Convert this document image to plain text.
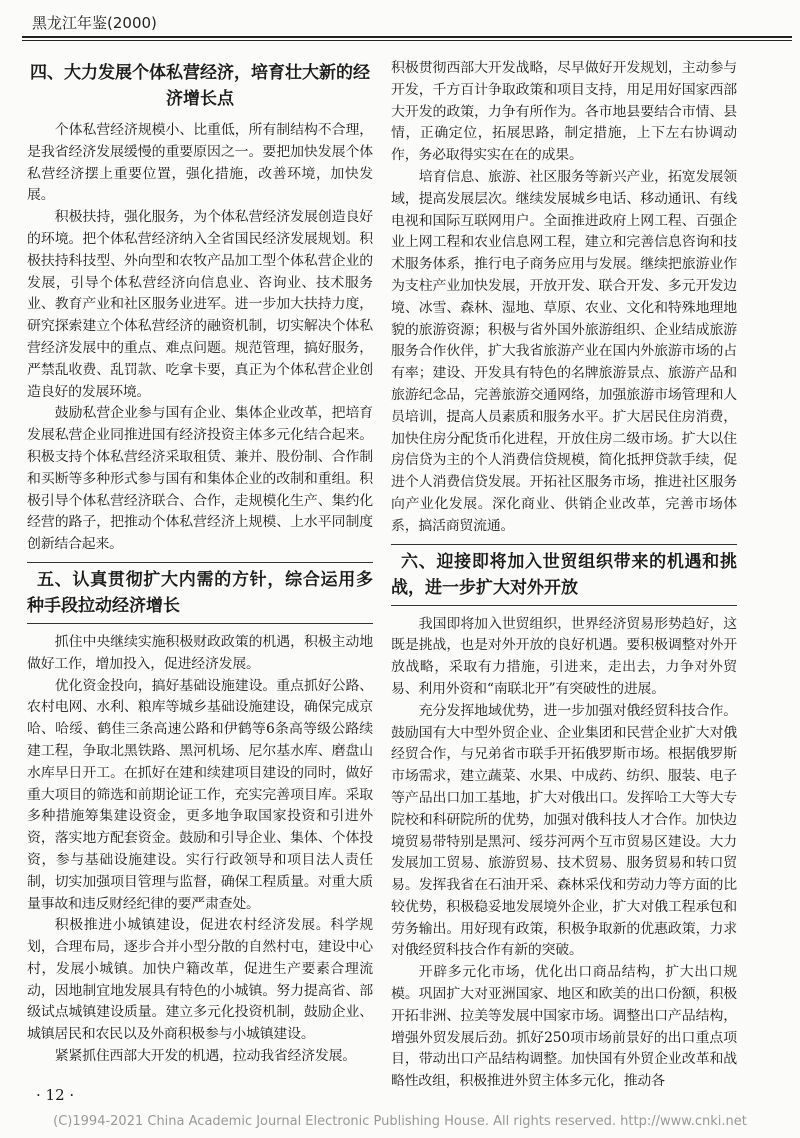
黑龙江年鉴(2000)
四、大力发展个体私营经济，培育壮大新的经济增长点

个体私营经济规模小、比重低，所有制结构不合理，是我省经济发展缓慢的重要原因之一。要把加快发展个体私营经济摆上重要位置，强化措施，改善环境，加快发展。

积极扶持，强化服务，为个体私营经济发展创造良好的环境。把个体私营经济纳入全省国民经济发展规划。积极扶持科技型、外向型和农牧产品加工型个体私营企业的发展，引导个体私营经济向信息业、咨询业、技术服务业、教育产业和社区服务业进军。进一步加大扶持力度，研究探索建立个体私营经济的融资机制，切实解决个体私营经济发展中的重点、难点问题。规范管理，搞好服务，严禁乱收费、乱罚款、吃拿卡要，真正为个体私营企业创造良好的发展环境。

鼓励私营企业参与国有企业、集体企业改革，把培育发展私营企业同推进国有经济投资主体多元化结合起来。积极支持个体私营经济采取租赁、兼并、股份制、合作制和买断等多种形式参与国有和集体企业的改制和重组。积极引导个体私营经济联合、合作，走规模化生产、集约化经营的路子，把推动个体私营经济上规模、上水平同制度创新结合起来。

五、认真贯彻扩大内需的方针，综合运用多种手段拉动经济增长

抓住中央继续实施积极财政政策的机遇，积极主动地做好工作，增加投入，促进经济发展。

优化资金投向，搞好基础设施建设。重点抓好公路、农村电网、水利、粮库等城乡基础设施建设，确保完成京哈、哈绥、鹤佳三条高速公路和伊鹤等6条高等级公路续建工程，争取北黑铁路、黑河机场、尼尔基水库、磨盘山水库早日开工。在抓好在建和续建项目建设的同时，做好重大项目的筛选和前期论证工作，充实完善项目库。采取多种措施筹集建设资金，更多地争取国家投资和引进外资，落实地方配套资金。鼓励和引导企业、集体、个体投资，参与基础设施建设。实行行政领导和项目法人责任制，切实加强项目管理与监督，确保工程质量。对重大质量事故和违反财经纪律的要严肃查处。

积极推进小城镇建设，促进农村经济发展。科学规划，合理布局，逐步合并小型分散的自然村屯，建设中心村，发展小城镇。加快户籍改革，促进生产要素合理流动，因地制宜地发展具有特色的小城镇。努力提高省、部级试点城镇建设质量。建立多元化投资机制，鼓励企业、城镇居民和农民以及外商积极参与小城镇建设。

紧紧抓住西部大开发的机遇，拉动我省经济发展。

积极贯彻西部大开发战略，尽早做好开发规划，主动参与开发，千方百计争取政策和项目支持，用足用好国家西部大开发的政策，力争有所作为。各市地县要结合市情、县情，正确定位，拓展思路，制定措施，上下左右协调动作，务必取得实实在在的成果。

培育信息、旅游、社区服务等新兴产业，拓宽发展领域，提高发展层次。继续发展城乡电话、移动通讯、有线电视和国际互联网用户。全面推进政府上网工程、百强企业上网工程和农业信息网工程，建立和完善信息咨询和技术服务体系，推行电子商务应用与发展。继续把旅游业作为支柱产业加快发展，开放开发、联合开发、多元开发边境、冰雪、森林、湿地、草原、农业、文化和特殊地理地貌的旅游资源；积极与省外国外旅游组织、企业结成旅游服务合作伙伴，扩大我省旅游产业在国内外旅游市场的占有率；建设、开发具有特色的名牌旅游景点、旅游产品和旅游纪念品，完善旅游交通网络，加强旅游市场管理和人员培训，提高人员素质和服务水平。扩大居民住房消费，加快住房分配货币化进程，开放住房二级市场。扩大以住房信贷为主的个人消费信贷规模，简化抵押贷款手续，促进个人消费信贷发展。开拓社区服务市场，推进社区服务向产业化发展。深化商业、供销企业改革，完善市场体系，搞活商贸流通。

六、迎接即将加入世贸组织带来的机遇和挑战，进一步扩大对外开放

我国即将加入世贸组织，世界经济贸易形势趋好，这既是挑战，也是对外开放的良好机遇。要积极调整对外开放战略，采取有力措施，引进来，走出去，力争对外贸易、利用外资和“南联北开”有突破性的进展。

充分发挥地域优势，进一步加强对俄经贸科技合作。鼓励国有大中型外贸企业、企业集团和民营企业扩大对俄经贸合作，与兄弟省市联手开拓俄罗斯市场。根据俄罗斯市场需求，建立蔬菜、水果、中成药、纺织、服装、电子等产品出口加工基地，扩大对俄出口。发挥哈工大等大专院校和科研院所的优势，加强对俄科技人才合作。加快边境贸易带特别是黑河、绥芬河两个互市贸易区建设。大力发展加工贸易、旅游贸易、技术贸易、服务贸易和转口贸易。发挥我省在石油开采、森林采伐和劳动力等方面的比较优势，积极稳妥地发展境外企业，扩大对俄工程承包和劳务输出。用好现有政策，积极争取新的优惠政策，力求对俄经贸科技合作有新的突破。

开辟多元化市场，优化出口商品结构，扩大出口规模。巩固扩大对亚洲国家、地区和欧美的出口份额，积极开拓非洲、拉美等发展中国家市场。调整出口产品结构，增强外贸发展后劲。抓好250项市场前景好的出口重点项目，带动出口产品结构调整。加快国有外贸企业改革和战略性改组，积极推进外贸主体多元化，推动各

· 12 ·
(C)1994-2021 China Academic Journal Electronic Publishing House. All rights reserved. http://www.cnki.net
